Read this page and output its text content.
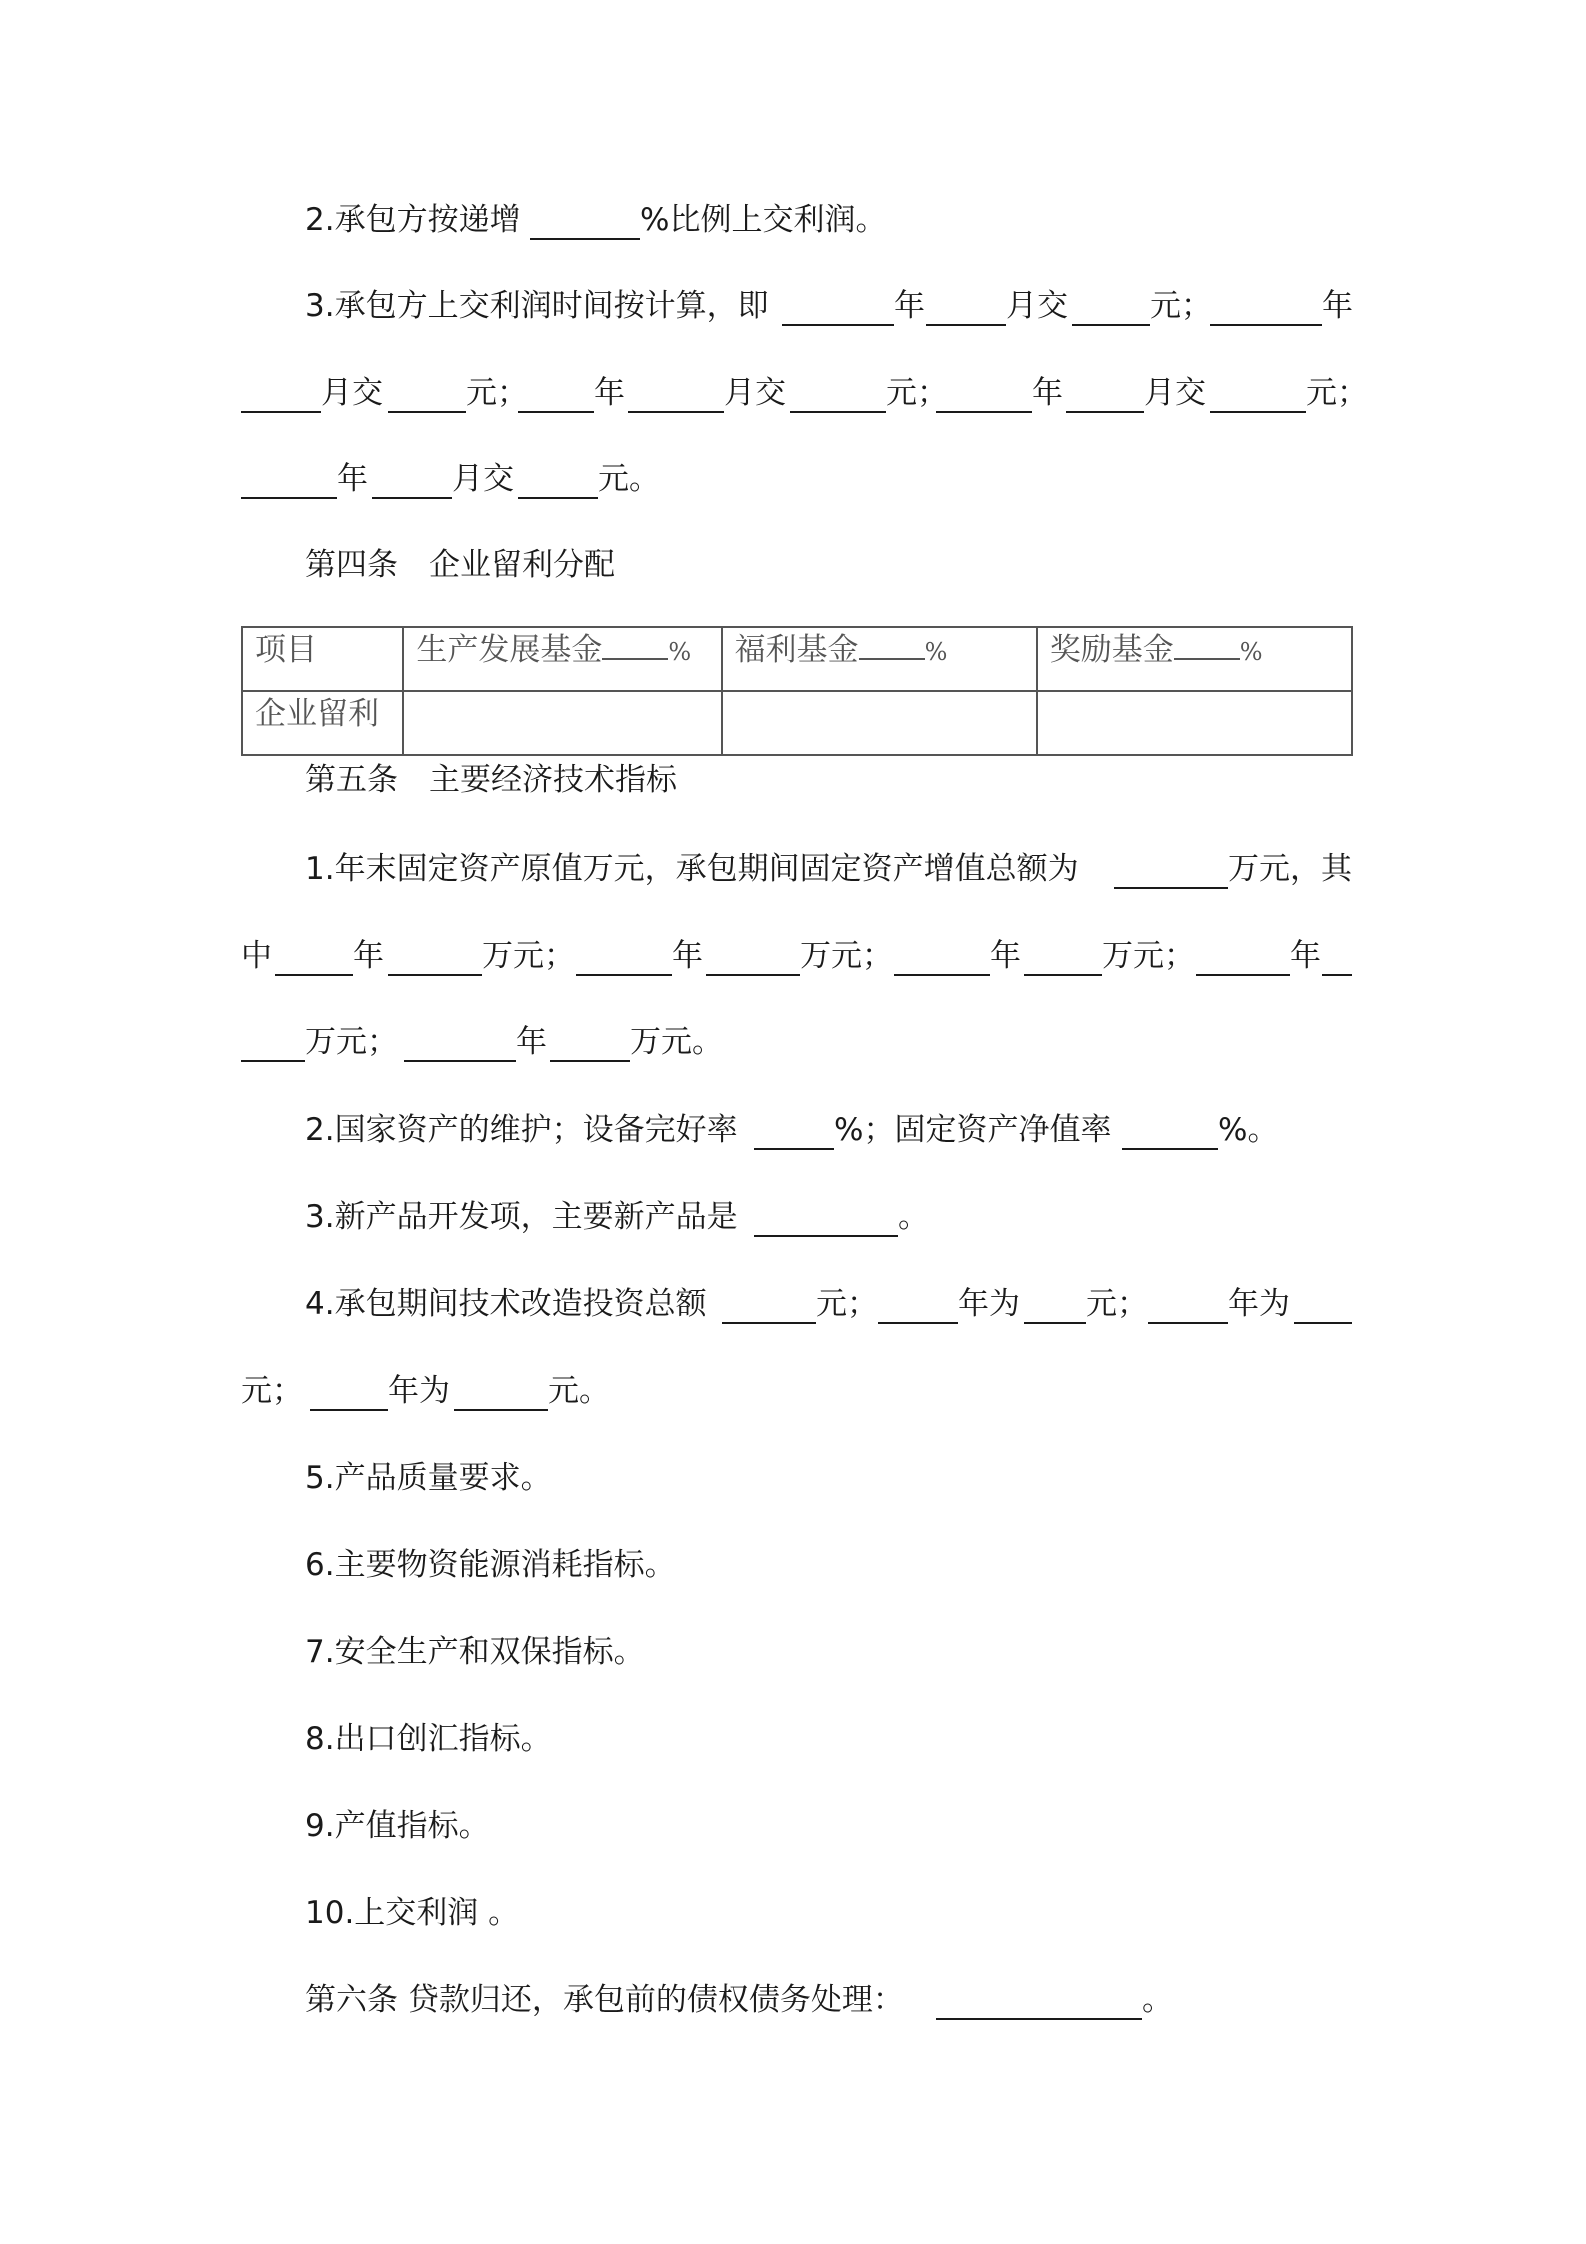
2.承包方按递增	%比例上交利润。
3.承包方上交利润时间按计算，即	年	月交	元；	年
月交	元； 年	月交	元；	年	月交	元；
年	月交	元。
第四条　企业留利分配
项目	生产发展基金 %	福利基金 %	奖励基金 %
企业留利			
第五条　主要经济技术指标
1.年末固定资产原值万元，承包期间固定资产增值总额为	万元，其
中	年	万元；	年	万元；	年	万元；	年
万元；	年	万元。
2.国家资产的维护；设备完好率	%；固定资产净值率	%。
3.新产品开发项，主要新产品是	。
4.承包期间技术改造投资总额	元；	年为 元；	年为
元；	年为	元。
5.产品质量要求。
6.主要物资能源消耗指标。
7.安全生产和双保指标。
8.出口创汇指标。
9.产值指标。
10.上交利润 。
第六条 贷款归还，承包前的债权债务处理：	。
